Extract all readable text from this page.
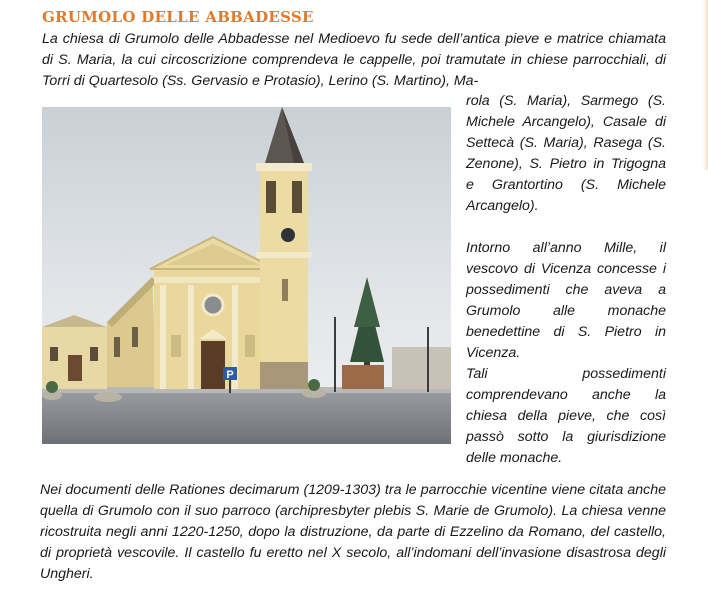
GRUMOLO DELLE ABBADESSE

La chiesa di Grumolo delle Abbadesse nel Medioevo fu sede dell’antica pieve e matrice chiamata di S. Maria, la cui circoscrizione comprendeva le cappelle, poi tramutate in chiese parrocchiali, di Torri di Quartesolo (Ss. Gervasio e Protasio), Lerino (S. Martino), Ma-

P

rola (S. Maria), Sarmego (S. Michele Arcangelo), Casale di Settecà (S. Maria), Rasega (S. Zenone), S. Pietro in Trigogna e Grantortino (S. Michele Arcangelo).

Intorno all’anno Mille, il vescovo di Vicenza concesse i possedimenti che aveva a Grumolo alle monache benedettine di S. Pietro in Vicenza.

Tali possedimenti comprendevano anche la chiesa della pieve, che così passò sotto la giurisdizione delle monache.

Nei documenti delle Rationes decimarum (1209-1303) tra le parrocchie vicentine viene citata anche quella di Grumolo con il suo parroco (archipresbyter plebis S. Marie de Grumolo). La chiesa venne ricostruita negli anni 1220-1250, dopo la distruzione, da parte di Ezzelino da Romano, del castello, di proprietà vescovile. Il castello fu eretto nel X secolo, all’indomani dell’invasione disastrosa degli Ungheri.
